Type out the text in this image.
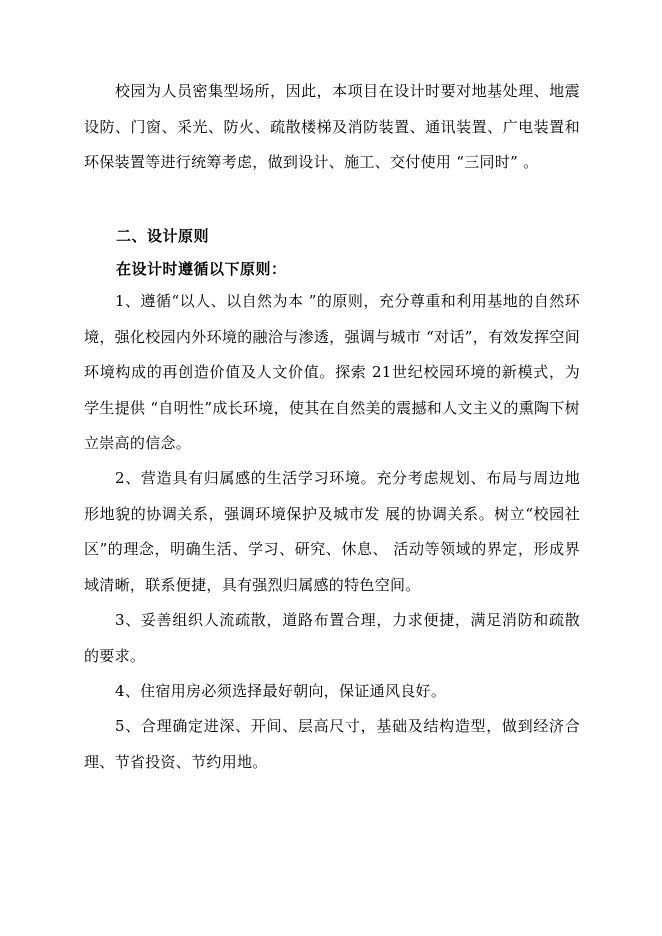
校园为人员密集型场所，因此，本项目在设计时要对地基处理、地震设防、门窗、采光、防火、疏散楼梯及消防装置、通讯装置、广电装置和环保装置等进行统筹考虑，做到设计、施工、交付使用 “三同时” 。

二、设计原则

在设计时遵循以下原则：

1、遵循“以人、以自然为本 ”的原则，充分尊重和利用基地的自然环境，强化校园内外环境的融洽与渗透，强调与城市 “对话”，有效发挥空间环境构成的再创造价值及人文价值。探索 21世纪校园环境的新模式，为学生提供 “自明性”成长环境，使其在自然美的震撼和人文主义的熏陶下树立崇高的信念。

2、营造具有归属感的生活学习环境。充分考虑规划、布局与周边地形地貌的协调关系，强调环境保护及城市发 展的协调关系。树立“校园社区”的理念，明确生活、学习、研究、休息、 活动等领域的界定，形成界域清晰，联系便捷，具有强烈归属感的特色空间。

3、妥善组织人流疏散，道路布置合理，力求便捷，满足消防和疏散的要求。

4、住宿用房必须选择最好朝向，保证通风良好。

5、合理确定进深、开间、层高尺寸，基础及结构造型，做到经济合理、节省投资、节约用地。
